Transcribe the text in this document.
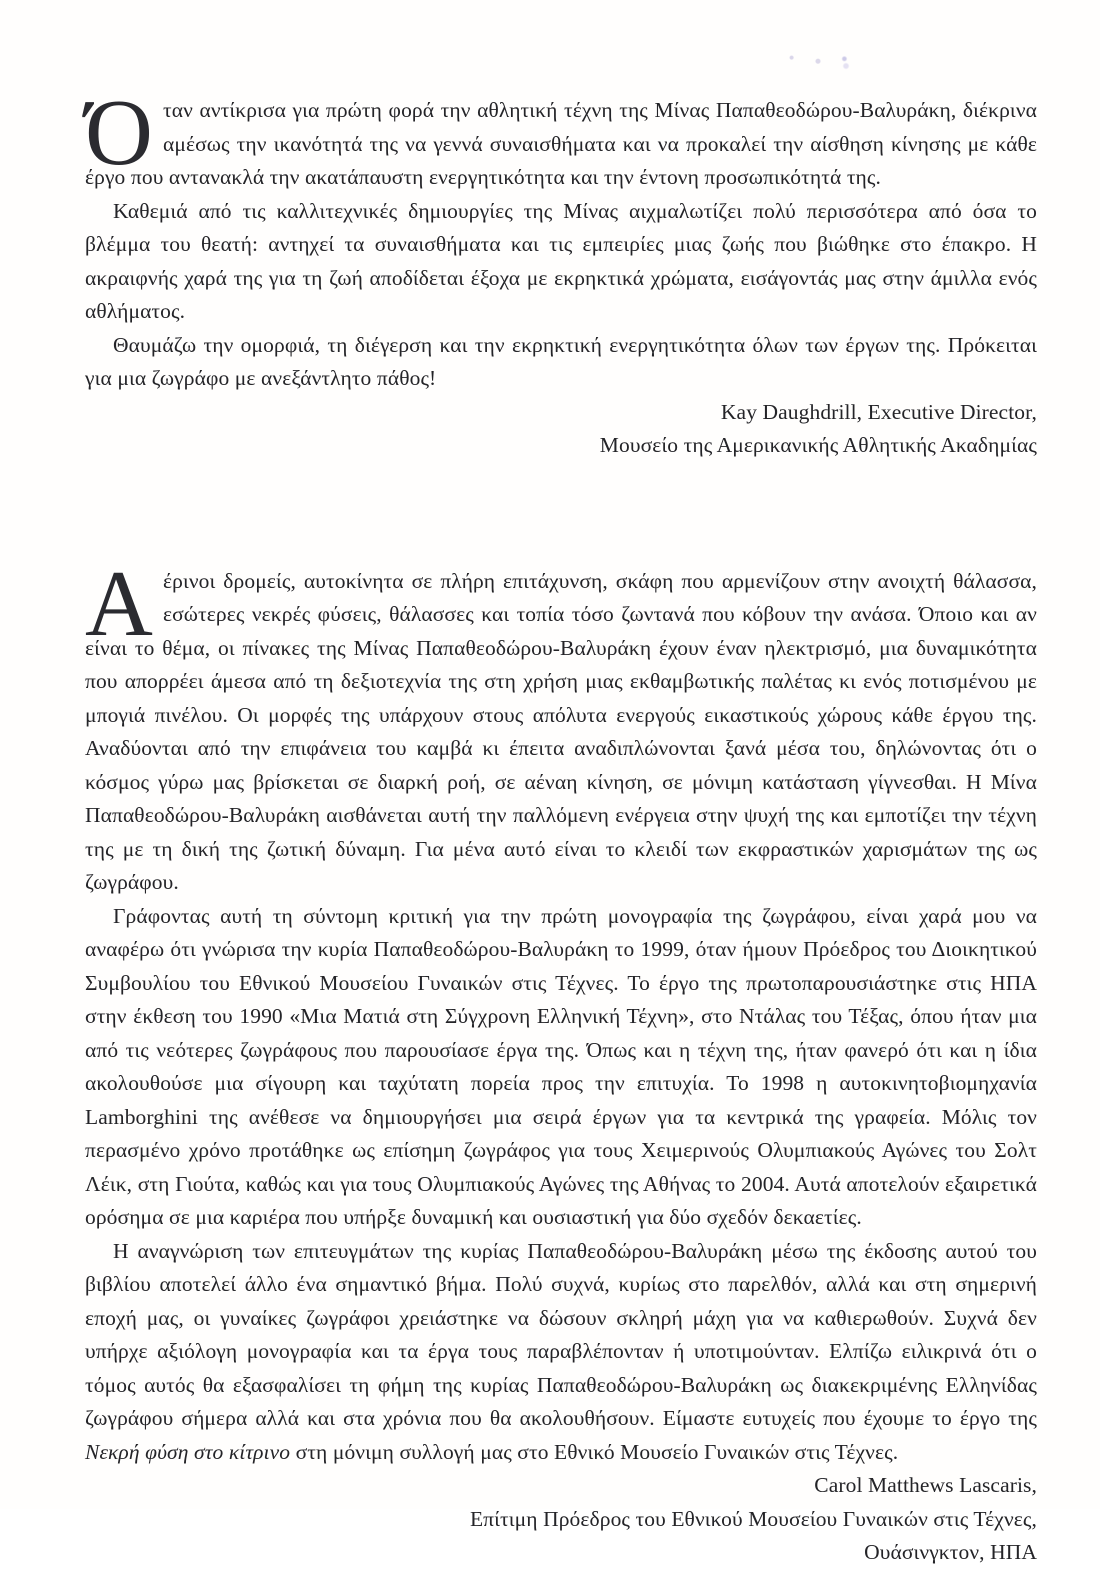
Όταν αντίκρισα για πρώτη φορά την αθλητική τέχνη της Μίνας Παπαθεοδώρου-Βαλυράκη, διέκρινα αμέσως την ικανότητά της να γεννά συναισθήματα και να προκαλεί την αίσθηση κίνησης με κάθε έργο που αντανακλά την ακατάπαυστη ενεργητικότητα και την έντονη προσωπικότητά της.

Καθεμιά από τις καλλιτεχνικές δημιουργίες της Μίνας αιχμαλωτίζει πολύ περισσότερα από όσα το βλέμμα του θεατή: αντηχεί τα συναισθήματα και τις εμπειρίες μιας ζωής που βιώθηκε στο έπακρο. Η ακραιφνής χαρά της για τη ζωή αποδίδεται έξοχα με εκρηκτικά χρώματα, εισάγοντάς μας στην άμιλλα ενός αθλήματος.

Θαυμάζω την ομορφιά, τη διέγερση και την εκρηκτική ενεργητικότητα όλων των έργων της. Πρόκειται για μια ζωγράφο με ανεξάντλητο πάθος!

Kay Daughdrill, Executive Director,
Μουσείο της Αμερικανικής Αθλητικής Ακαδημίας

Αέρινοι δρομείς, αυτοκίνητα σε πλήρη επιτάχυνση, σκάφη που αρμενίζουν στην ανοιχτή θάλασσα, εσώτερες νεκρές φύσεις, θάλασσες και τοπία τόσο ζωντανά που κόβουν την ανάσα. Όποιο και αν είναι το θέμα, οι πίνακες της Μίνας Παπαθεοδώρου-Βαλυράκη έχουν έναν ηλεκτρισμό, μια δυναμικότητα που απορρέει άμεσα από τη δεξιοτεχνία της στη χρήση μιας εκθαμβωτικής παλέτας κι ενός ποτισμένου με μπογιά πινέλου. Οι μορφές της υπάρχουν στους απόλυτα ενεργούς εικαστικούς χώρους κάθε έργου της. Αναδύονται από την επιφάνεια του καμβά κι έπειτα αναδιπλώνονται ξανά μέσα του, δηλώνοντας ότι ο κόσμος γύρω μας βρίσκεται σε διαρκή ροή, σε αέναη κίνηση, σε μόνιμη κατάσταση γίγνεσθαι. Η Μίνα Παπαθεοδώρου-Βαλυράκη αισθάνεται αυτή την παλλόμενη ενέργεια στην ψυχή της και εμποτίζει την τέχνη της με τη δική της ζωτική δύναμη. Για μένα αυτό είναι το κλειδί των εκφραστικών χαρισμάτων της ως ζωγράφου.

Γράφοντας αυτή τη σύντομη κριτική για την πρώτη μονογραφία της ζωγράφου, είναι χαρά μου να αναφέρω ότι γνώρισα την κυρία Παπαθεοδώρου-Βαλυράκη το 1999, όταν ήμουν Πρόεδρος του Διοικητικού Συμβουλίου του Εθνικού Μουσείου Γυναικών στις Τέχνες. Το έργο της πρωτοπαρουσιάστηκε στις ΗΠΑ στην έκθεση του 1990 «Μια Ματιά στη Σύγχρονη Ελληνική Τέχνη», στο Ντάλας του Τέξας, όπου ήταν μια από τις νεότερες ζωγράφους που παρουσίασε έργα της. Όπως και η τέχνη της, ήταν φανερό ότι και η ίδια ακολουθούσε μια σίγουρη και ταχύτατη πορεία προς την επιτυχία. Το 1998 η αυτοκινητοβιομηχανία Lamborghini της ανέθεσε να δημιουργήσει μια σειρά έργων για τα κεντρικά της γραφεία. Μόλις τον περασμένο χρόνο προτάθηκε ως επίσημη ζωγράφος για τους Χειμερινούς Ολυμπιακούς Αγώνες του Σολτ Λέικ, στη Γιούτα, καθώς και για τους Ολυμπιακούς Αγώνες της Αθήνας το 2004. Αυτά αποτελούν εξαιρετικά ορόσημα σε μια καριέρα που υπήρξε δυναμική και ουσιαστική για δύο σχεδόν δεκαετίες.

Η αναγνώριση των επιτευγμάτων της κυρίας Παπαθεοδώρου-Βαλυράκη μέσω της έκδοσης αυτού του βιβλίου αποτελεί άλλο ένα σημαντικό βήμα. Πολύ συχνά, κυρίως στο παρελθόν, αλλά και στη σημερινή εποχή μας, οι γυναίκες ζωγράφοι χρειάστηκε να δώσουν σκληρή μάχη για να καθιερωθούν. Συχνά δεν υπήρχε αξιόλογη μονογραφία και τα έργα τους παραβλέπονταν ή υποτιμούνταν. Ελπίζω ειλικρινά ότι ο τόμος αυτός θα εξασφαλίσει τη φήμη της κυρίας Παπαθεοδώρου-Βαλυράκη ως διακεκριμένης Ελληνίδας ζωγράφου σήμερα αλλά και στα χρόνια που θα ακολουθήσουν. Είμαστε ευτυχείς που έχουμε το έργο της Νεκρή φύση στο κίτρινο στη μόνιμη συλλογή μας στο Εθνικό Μουσείο Γυναικών στις Τέχνες.

Carol Matthews Lascaris,
Επίτιμη Πρόεδρος του Εθνικού Μουσείου Γυναικών στις Τέχνες,
Ουάσινγκτον, ΗΠΑ
